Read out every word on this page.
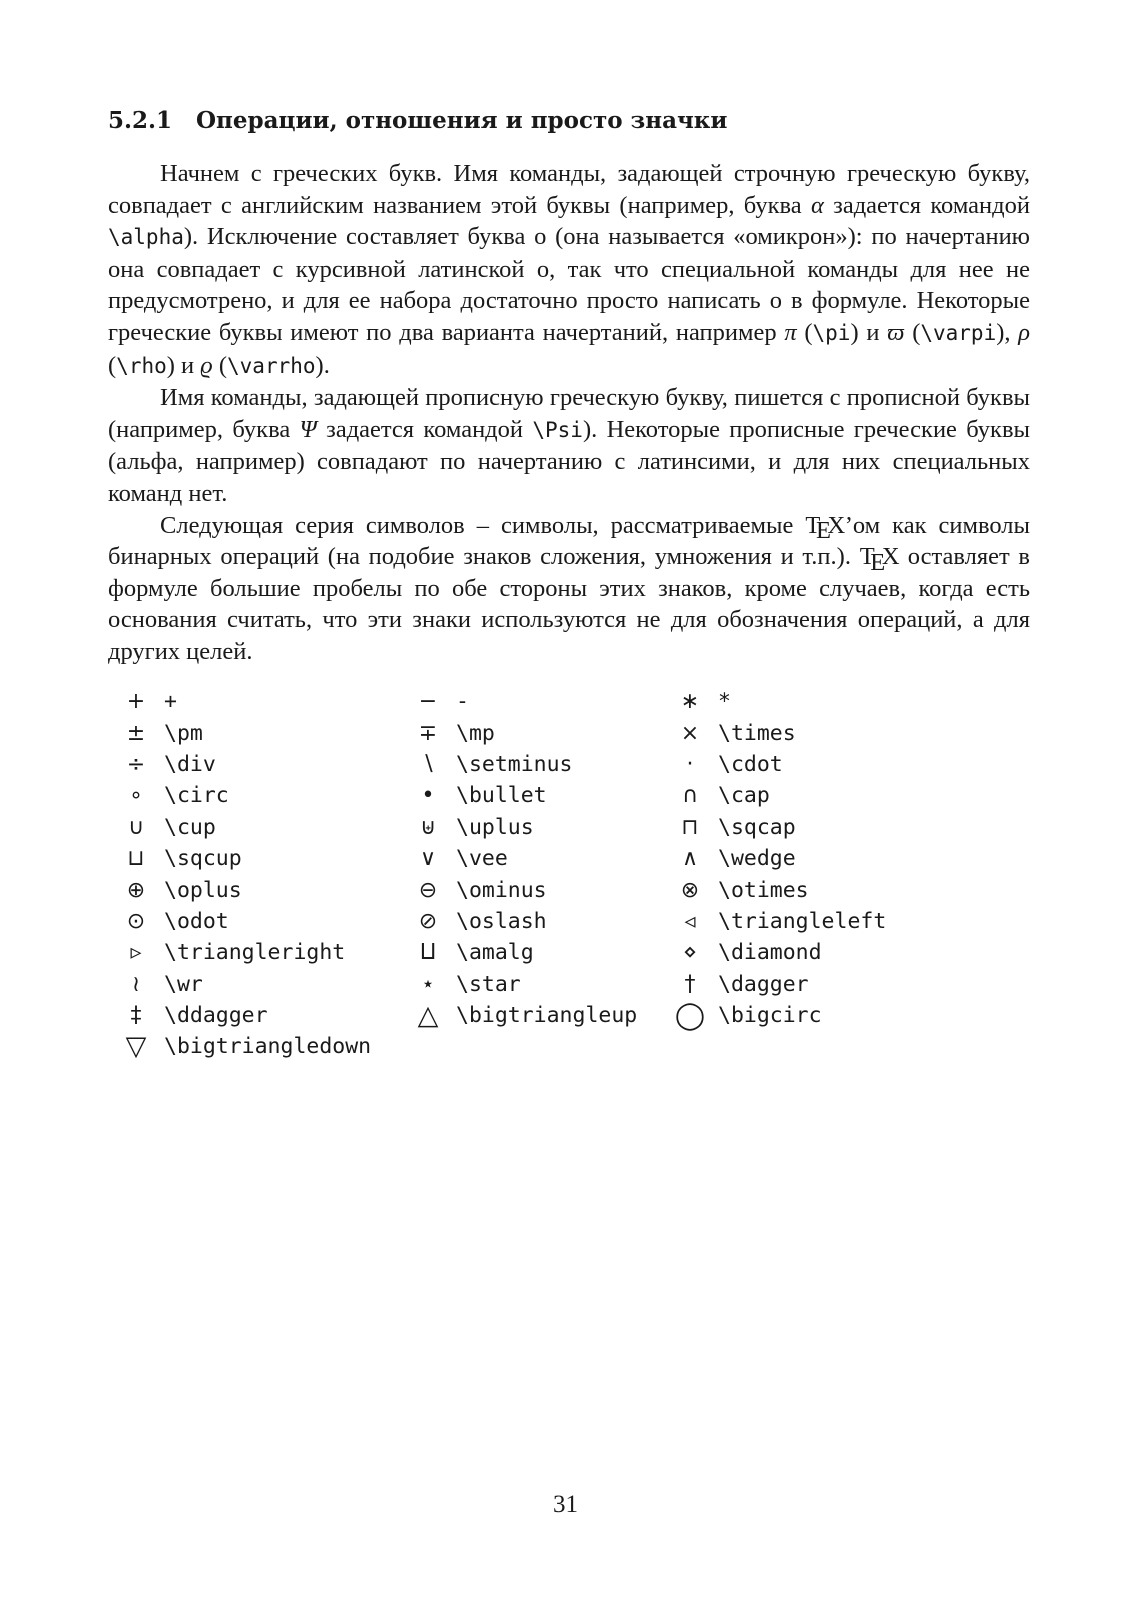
5.2.1 Операции, отношения и просто значки

Начнем с греческих букв. Имя команды, задающей строчную греческую букву, совпадает с английским названием этой буквы (например, буква α задается командой \alpha). Исключение составляет буква о (она называется «омикрон»): по начертанию она совпадает с курсивной латинской o, так что специальной команды для нее не предусмотрено, и для ее набора достаточно просто написать o в формуле. Некоторые греческие буквы имеют по два варианта начертаний, например π (\pi) и ϖ (\varpi), ρ (\rho) и ϱ (\varrho).

Имя команды, задающей прописную греческую букву, пишется с прописной буквы (например, буква Ψ задается командой \Psi). Некоторые прописные греческие буквы (альфа, например) совпадают по начертанию с латинсими, и для них специальных команд нет.

Следующая серия символов – символы, рассматриваемые TEX’ом как символы бинарных операций (на подобие знаков сложения, умножения и т.п.). TEX оставляет в формуле большие пробелы по обе стороны этих знаков, кроме случаев, когда есть основания считать, что эти знаки используются не для обозначения операций, а для других целей.

+ +	− -	∗ *
± \pm	∓ \mp	× \times
÷ \div	∖ \setminus	·	\cdot
∘ \circ	•	\bullet	∩ \cap
∪ \cup	⊎ \uplus	⊓ \sqcap
⊔ \sqcup	∨ \vee	∧ \wedge
⊕ \oplus	⊖ \ominus	⊗ \otimes
⊙ \odot	⊘ \oslash	◃	\triangleleft
▹	\triangleright	⨿ \amalg	⋄ \diamond
≀	\wr	⋆ \star	†	\dagger
‡	\ddagger	△ \bigtriangleup	◯ \bigcirc
▽ \bigtriangledown
31
